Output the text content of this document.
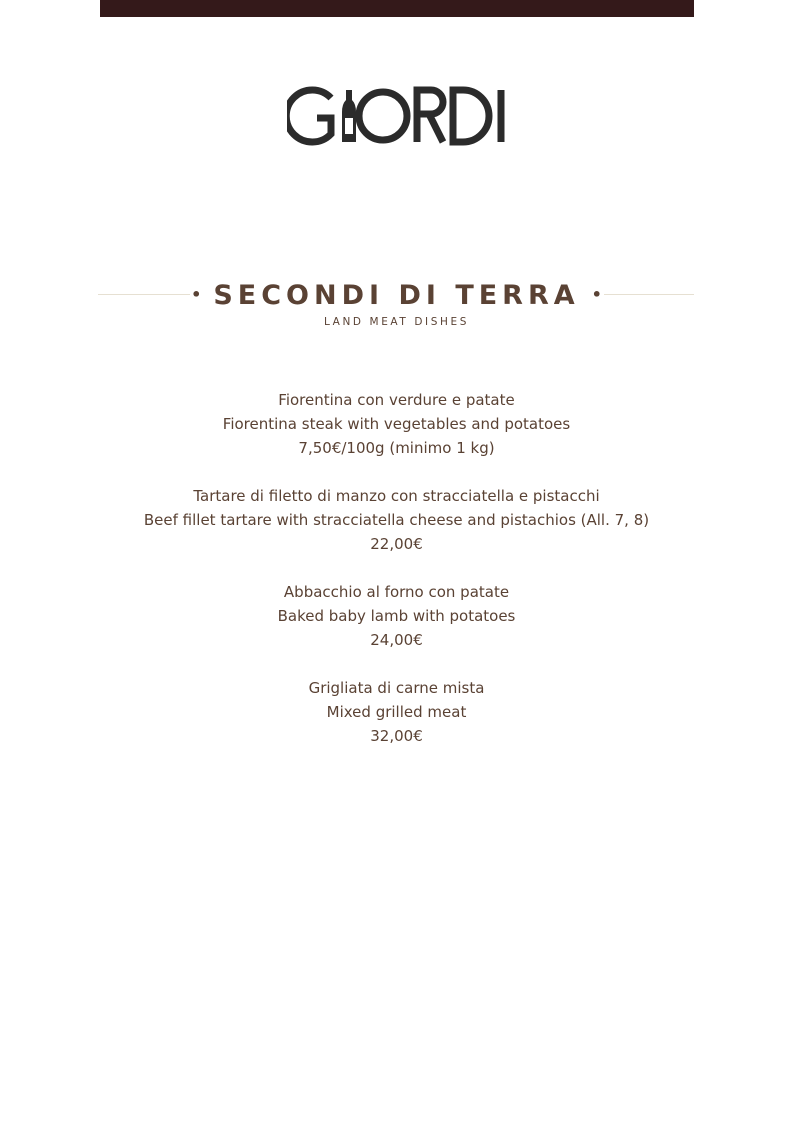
• SECONDI DI TERRA •
LAND MEAT DISHES
Fiorentina con verdure e patate
Fiorentina steak with vegetables and potatoes
7,50€/100g (minimo 1 kg)
Tartare di filetto di manzo con stracciatella e pistacchi
Beef fillet tartare with stracciatella cheese and pistachios (All. 7, 8)
22,00€
Abbacchio al forno con patate
Baked baby lamb with potatoes
24,00€
Grigliata di carne mista
Mixed grilled meat
32,00€
